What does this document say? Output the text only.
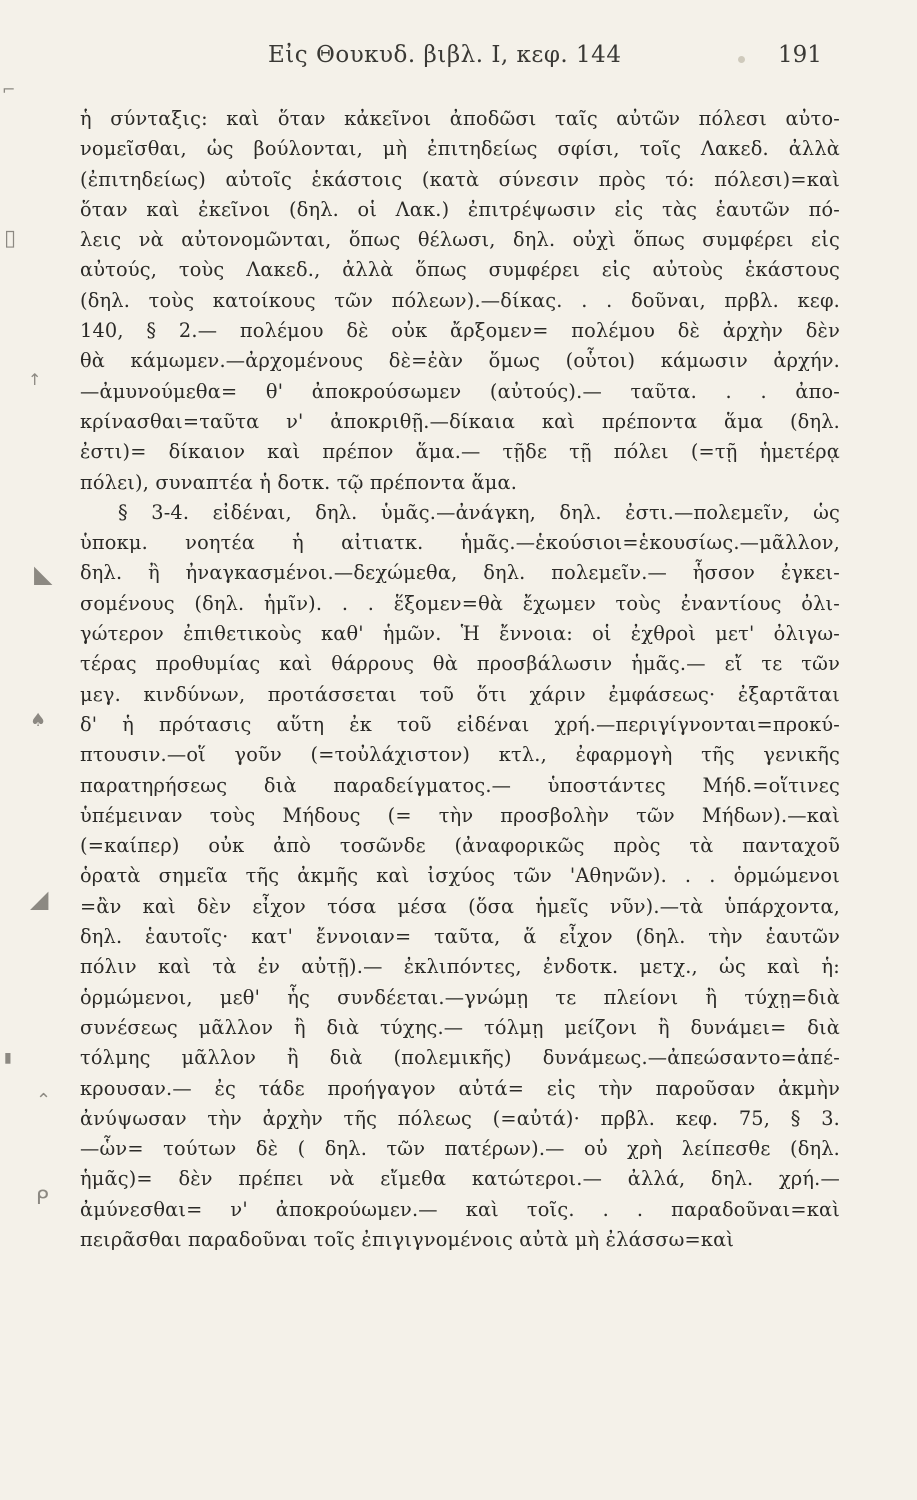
Εἰς Θουκυδ. βιβλ. Ι, κεφ. 144	191
ἡ σύνταξις: καὶ ὅταν κἀκεῖνοι ἀποδῶσι ταῖς αὐτῶν πόλεσι αὐτο-
νομεῖσθαι, ὡς βούλονται, μὴ ἐπιτηδείως σφίσι, τοῖς Λακεδ. ἀλλὰ
(ἐπιτηδείως) αὐτοῖς ἑκάστοις (κατὰ σύνεσιν πρὸς τό: πόλεσι)=καὶ
ὅταν καὶ ἐκεῖνοι (δηλ. οἱ Λακ.) ἐπιτρέψωσιν εἰς τὰς ἑαυτῶν πό-
λεις νὰ αὐτονομῶνται, ὅπως θέλωσι, δηλ. οὐχὶ ὅπως συμφέρει εἰς
αὐτούς, τοὺς Λακεδ., ἀλλὰ ὅπως συμφέρει εἰς αὐτοὺς ἑκάστους
(δηλ. τοὺς κατοίκους τῶν πόλεων).—δίκας. . . δοῦναι, πρβλ. κεφ.
140, § 2.— πολέμου δὲ οὐκ ἄρξομεν= πολέμου δὲ ἀρχὴν δὲν
θὰ κάμωμεν.—ἀρχομένους δὲ=ἐὰν ὅμως (οὗτοι) κάμωσιν ἀρχήν.
—ἀμυνούμεθα= θ' ἀποκρούσωμεν (αὐτούς).— ταῦτα. . . ἀπο-
κρίνασθαι=ταῦτα ν' ἀποκριθῇ.—δίκαια καὶ πρέποντα ἅμα (δηλ.
ἐστι)= δίκαιον καὶ πρέπον ἅμα.— τῇδε τῇ πόλει (=τῇ ἡμετέρᾳ
πόλει), συναπτέα ἡ δοτκ. τῷ πρέποντα ἅμα.
§ 3-4. εἰδέναι, δηλ. ὑμᾶς.—ἀνάγκη, δηλ. ἐστι.—πολεμεῖν, ὡς
ὑποκμ. νοητέα ἡ αἰτιατκ. ἡμᾶς.—ἑκούσιοι=ἑκουσίως.—μᾶλλον,
δηλ. ἢ ἠναγκασμένοι.—δεχώμεθα, δηλ. πολεμεῖν.— ἧσσον ἐγκει-
σομένους (δηλ. ἡμῖν). . . ἕξομεν=θὰ ἔχωμεν τοὺς ἐναντίους ὀλι-
γώτερον ἐπιθετικοὺς καθ' ἡμῶν. Ἡ ἔννοια: οἱ ἐχθροὶ μετ' ὀλιγω-
τέρας προθυμίας καὶ θάρρους θὰ προσβάλωσιν ἡμᾶς.— εἴ τε τῶν
μεγ. κινδύνων, προτάσσεται τοῦ ὅτι χάριν ἐμφάσεως· ἐξαρτᾶται
δ' ἡ πρότασις αὕτη ἐκ τοῦ εἰδέναι χρή.—περιγίγνονται=προκύ-
πτουσιν.—οἵ γοῦν (=τοὐλάχιστον) κτλ., ἐφαρμογὴ τῆς γενικῆς
παρατηρήσεως διὰ παραδείγματος.— ὑποστάντες Μήδ.=οἵτινες
ὑπέμειναν τοὺς Μήδους (= τὴν προσβολὴν τῶν Μήδων).—καὶ
(=καίπερ) οὐκ ἀπὸ τοσῶνδε (ἀναφορικῶς πρὸς τὰ πανταχοῦ
ὁρατὰ σημεῖα τῆς ἀκμῆς καὶ ἰσχύος τῶν 'Αθηνῶν). . . ὁρμώμενοι
=ἂν καὶ δὲν εἶχον τόσα μέσα (ὅσα ἡμεῖς νῦν).—τὰ ὑπάρχοντα,
δηλ. ἑαυτοῖς· κατ' ἔννοιαν= ταῦτα, ἅ εἶχον (δηλ. τὴν ἑαυτῶν
πόλιν καὶ τὰ ἐν αὐτῇ).— ἐκλιπόντες, ἐνδοτκ. μετχ., ὡς καὶ ἡ:
ὁρμώμενοι, μεθ' ἧς συνδέεται.—γνώμῃ τε πλείονι ἢ τύχῃ=διὰ
συνέσεως μᾶλλον ἢ διὰ τύχης.— τόλμῃ μείζονι ἢ δυνάμει= διὰ
τόλμης μᾶλλον ἢ διὰ (πολεμικῆς) δυνάμεως.—ἀπεώσαντο=ἀπέ-
κρουσαν.— ἐς τάδε προήγαγον αὐτά= εἰς τὴν παροῦσαν ἀκμὴν
ἀνύψωσαν τὴν ἀρχὴν τῆς πόλεως (=αὐτά)· πρβλ. κεφ. 75, § 3.
—ὧν= τούτων δὲ ( δηλ. τῶν πατέρων).— οὐ χρὴ λείπεσθε (δηλ.
ἡμᾶς)= δὲν πρέπει νὰ εἴμεθα κατώτεροι.— ἀλλά, δηλ. χρή.—
ἀμύνεσθαι= ν' ἀποκρούωμεν.— καὶ τοῖς. . . παραδοῦναι=καὶ
πειρᾶσθαι παραδοῦναι τοῖς ἐπιγιγνομένοις αὐτὰ μὴ ἐλάσσω=καὶ
⌐
▯
↑
◣
♠
◢
▮
⌃
ᑭ
